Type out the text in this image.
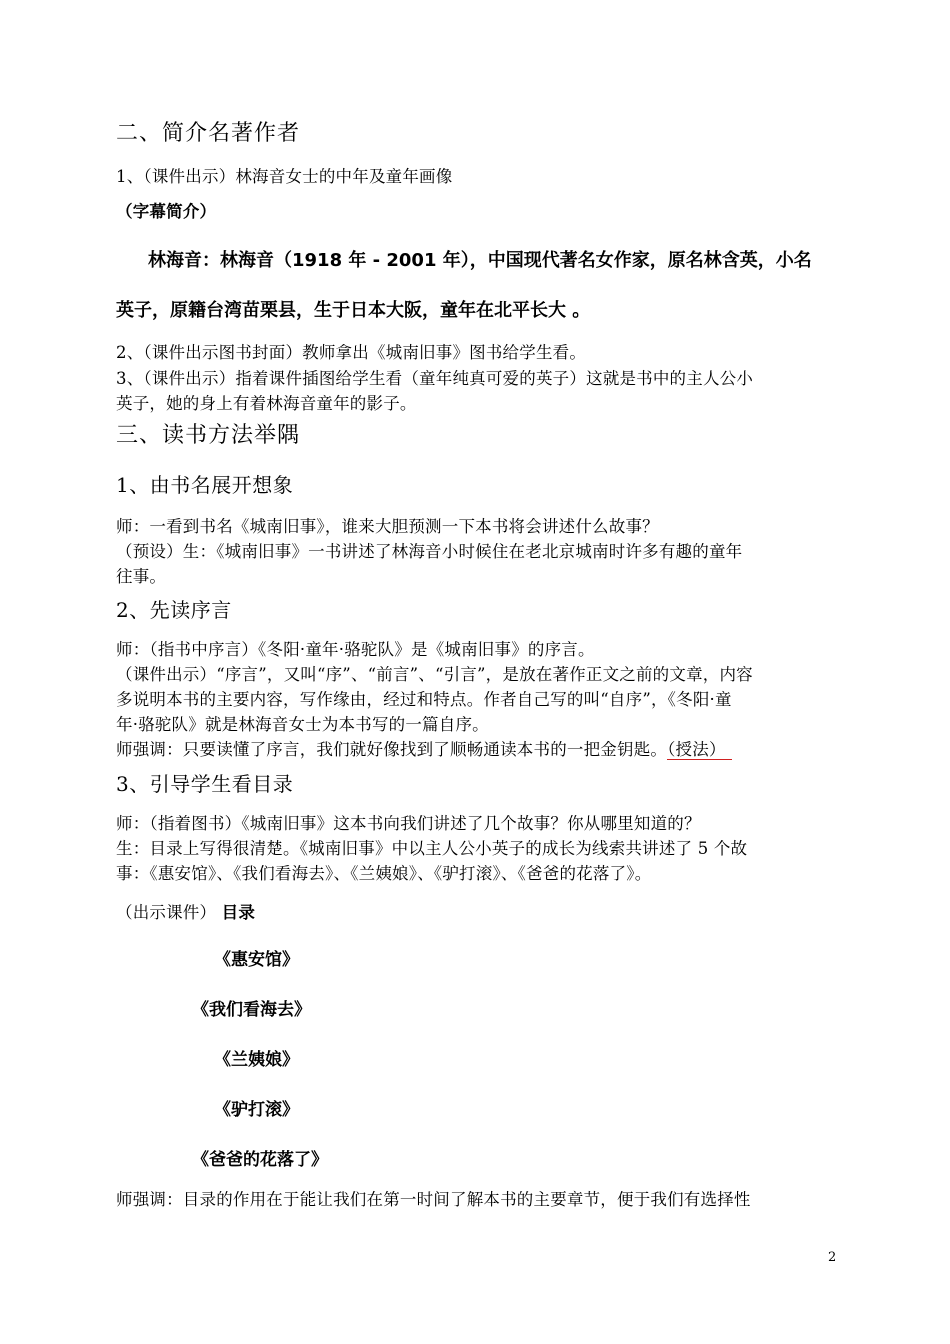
二、简介名著作者
1、（课件出示）林海音女士的中年及童年画像
（字幕简介）
林海音：林海音（1918 年 - 2001 年），中国现代著名女作家，原名林含英，小名
英子，原籍台湾苗栗县，生于日本大阪，童年在北平长大 。
2、（课件出示图书封面）教师拿出《城南旧事》图书给学生看。
3、（课件出示）指着课件插图给学生看（童年纯真可爱的英子）这就是书中的主人公小
英子，她的身上有着林海音童年的影子。
三、读书方法举隅
1、由书名展开想象
师：一看到书名《城南旧事》，谁来大胆预测一下本书将会讲述什么故事？
（预设）生：《城南旧事》一书讲述了林海音小时候住在老北京城南时许多有趣的童年
往事。
2、先读序言
师：（指书中序言）《冬阳·童年·骆驼队》是《城南旧事》的序言。
（课件出示）“序言”，又叫“序”、“前言”、“引言”，是放在著作正文之前的文章，内容
多说明本书的主要内容，写作缘由，经过和特点。作者自己写的叫“自序”，《冬阳·童
年·骆驼队》就是林海音女士为本书写的一篇自序。
师强调：只要读懂了序言，我们就好像找到了顺畅通读本书的一把金钥匙。（授法）
3、引导学生看目录
师：（指着图书）《城南旧事》这本书向我们讲述了几个故事？你从哪里知道的？
生：目录上写得很清楚。《城南旧事》中以主人公小英子的成长为线索共讲述了 5 个故
事：《惠安馆》、《我们看海去》、《兰姨娘》、《驴打滚》、《爸爸的花落了》。
（出示课件） 目录
《惠安馆》
《我们看海去》
《兰姨娘》
《驴打滚》
《爸爸的花落了》
师强调：目录的作用在于能让我们在第一时间了解本书的主要章节，便于我们有选择性
2
